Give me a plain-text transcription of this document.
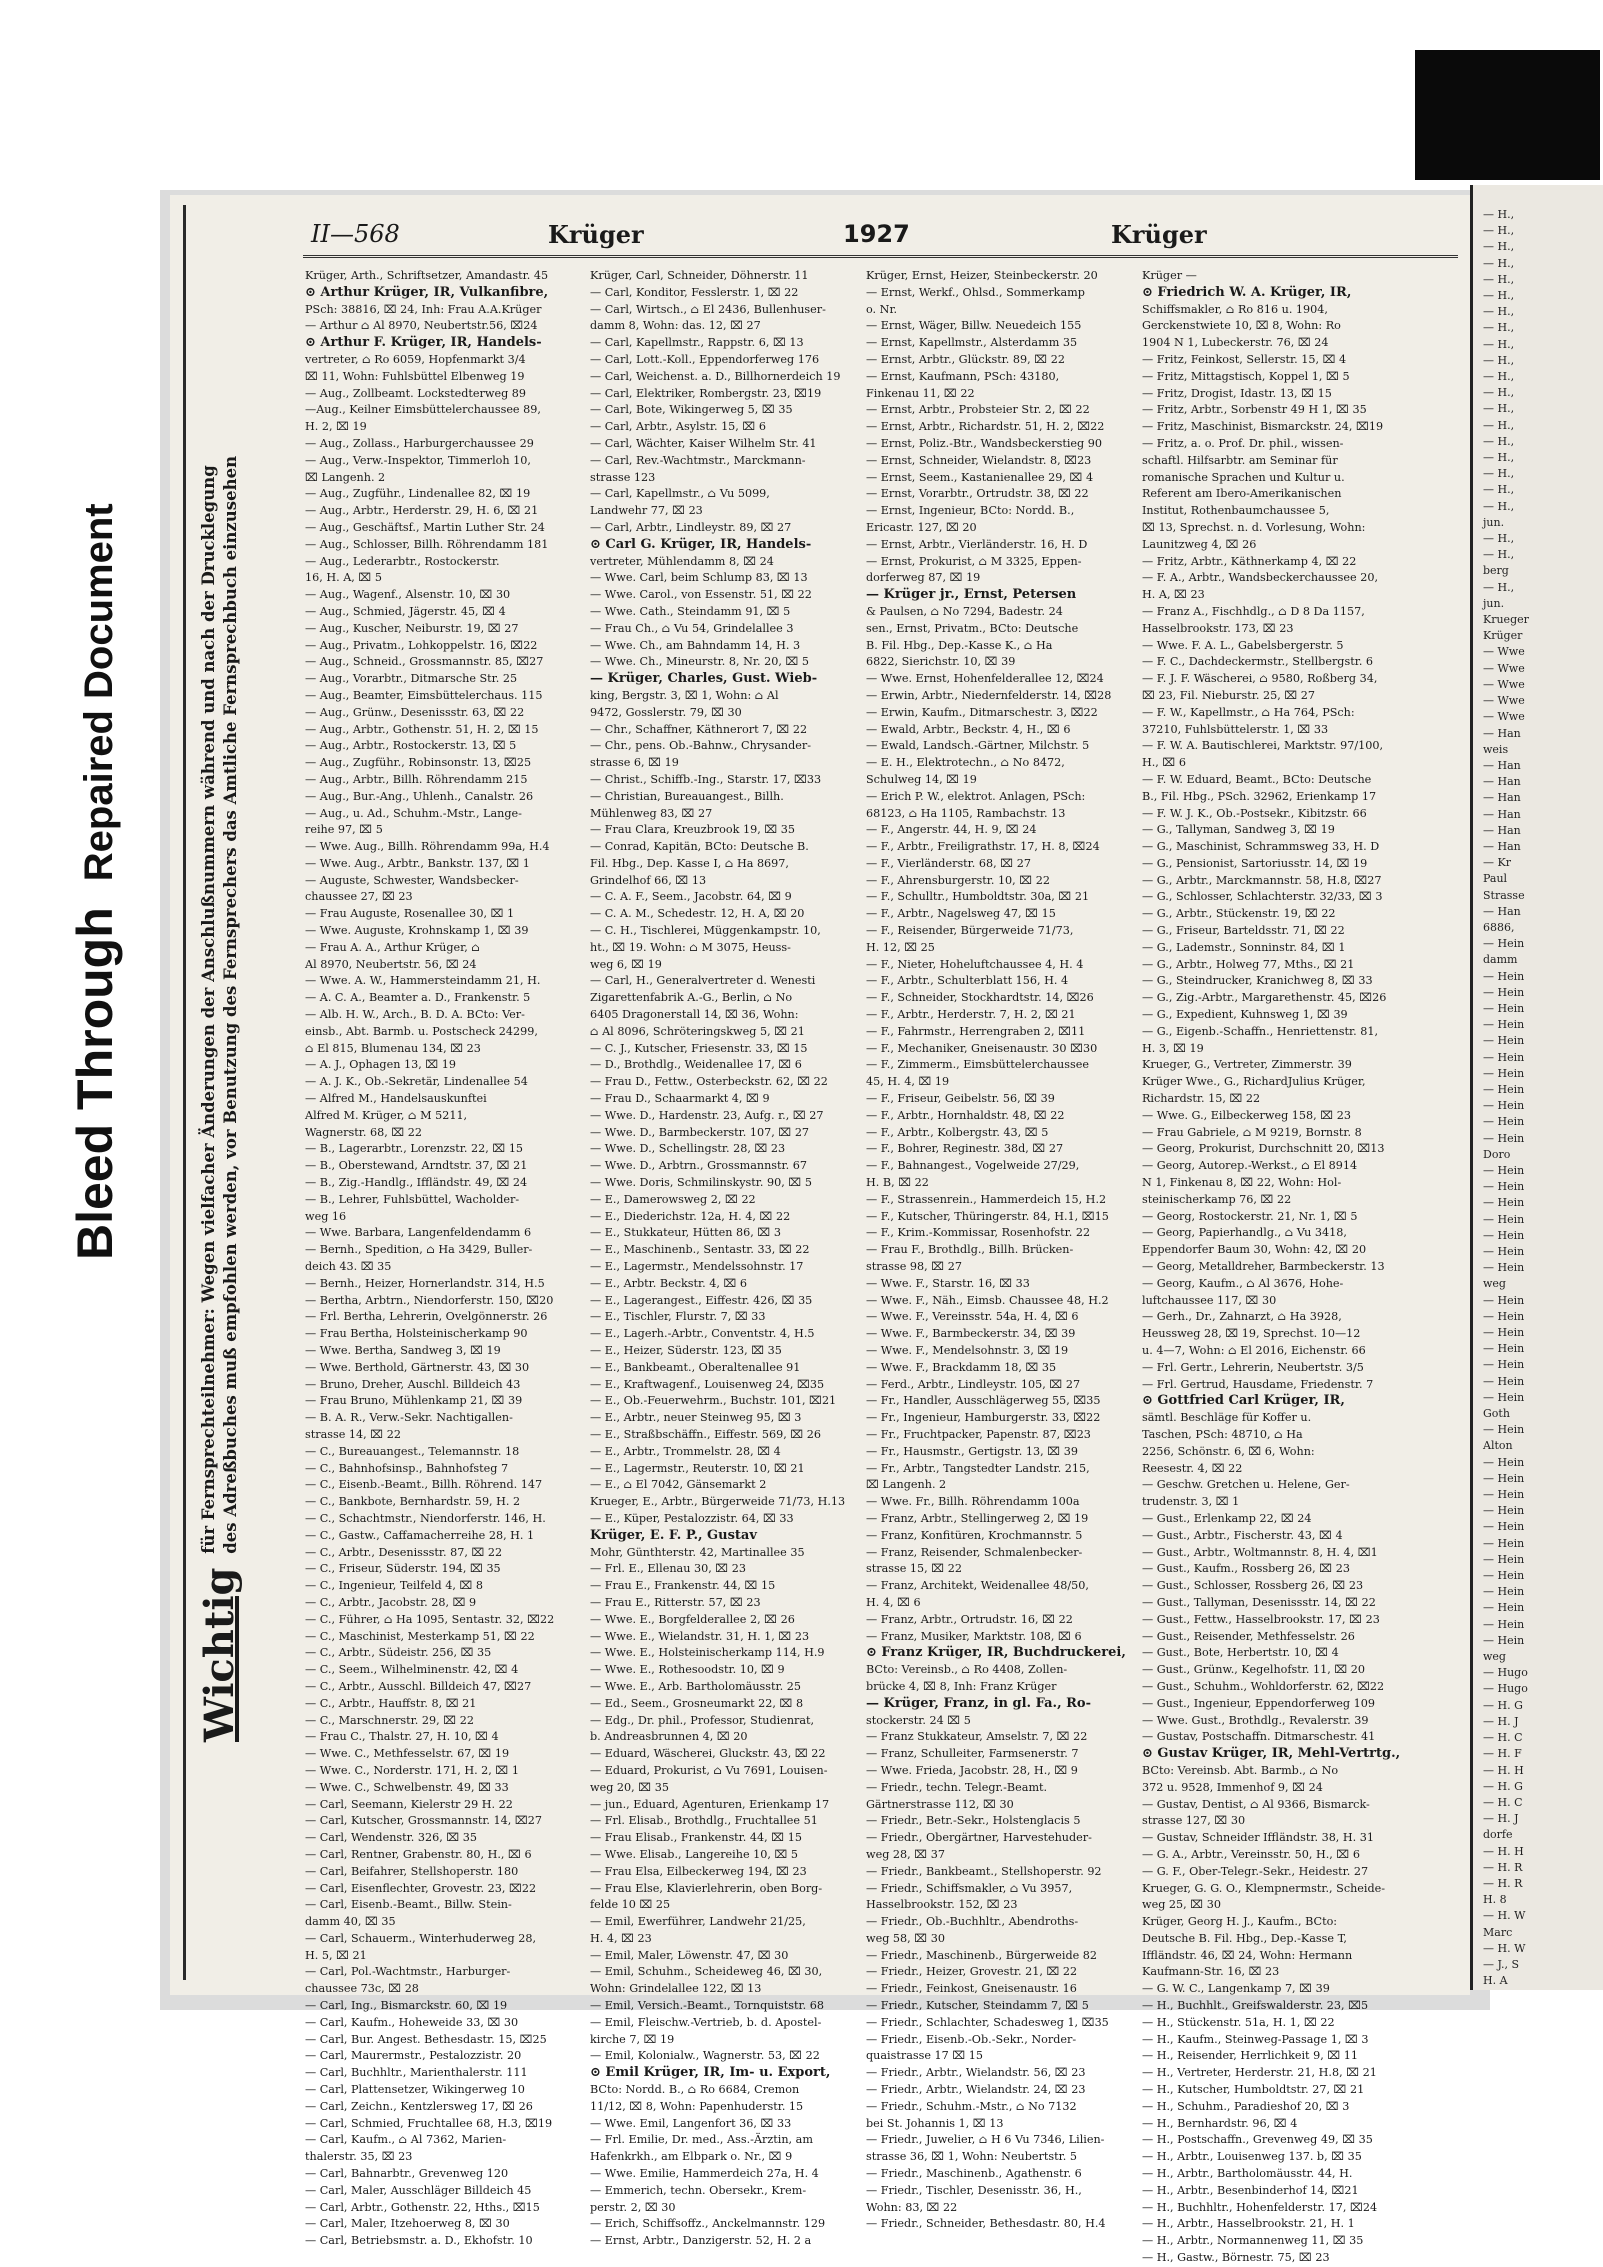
Bleed ThroughRepaired Document
— H.,
— H.,
— H.,
— H.,
— H.,
— H.,
— H.,
— H.,
— H.,
— H.,
— H.,
— H.,
— H.,
— H.,
— H.,
— H.,
— H.,
— H.,
— H.,
jun.
— H.,
— H.,
berg
— H.,
jun.
Krueger
Krüger
— Wwe
— Wwe
— Wwe
— Wwe
— Wwe
— Han
weis
— Han
— Han
— Han
— Han
— Han
— Han
— Kr
Paul
Strasse
— Han
6886,
— Hein
damm
— Hein
— Hein
— Hein
— Hein
— Hein
— Hein
— Hein
— Hein
— Hein
— Hein
— Hein
Doro
— Hein
— Hein
— Hein
— Hein
— Hein
— Hein
— Hein
weg
— Hein
— Hein
— Hein
— Hein
— Hein
— Hein
— Hein
Goth
— Hein
Alton
— Hein
— Hein
— Hein
— Hein
— Hein
— Hein
— Hein
— Hein
— Hein
— Hein
— Hein
— Hein
weg
— Hugo
— Hugo
— H. G
— H. J
— H. C
— H. F
— H. H
— H. G
— H. C
— H. J
dorfe
— H. H
— H. R
— H. R
H. 8
— H. W
Marc
— H. W
— J., S
H. A
II—568	Krüger	1927	Krüger
Wichtig
für Fernsprechteilnehmer: Wegen vielfacher Änderungen der Anschlußnummern während und nach der Drucklegung des Adreßbuches muß empfohlen werden, vor Benutzung des Fernsprechers das Amtliche Fernsprechbuch einzusehen
Krüger, Arth., Schriftsetzer, Amandastr. 45
⊙ Arthur Krüger, IR, Vulkanfibre,
PSch: 38816, ⌧ 24, Inh: Frau A.A.Krüger
— Arthur ⌂ Al 8970, Neubertstr.56, ⌧24
⊙ Arthur F. Krüger, IR, Handels-
vertreter, ⌂ Ro 6059, Hopfenmarkt 3/4
⌧ 11, Wohn: Fuhlsbüttel Elbenweg 19
— Aug., Zollbeamt. Lockstedterweg 89
—Aug., Keilner Eimsbüttelerchaussee 89,
H. 2, ⌧ 19
— Aug., Zollass., Harburgerchaussee 29
— Aug., Verw.-Inspektor, Timmerloh 10,
⌧ Langenh. 2
— Aug., Zugführ., Lindenallee 82, ⌧ 19
— Aug., Arbtr., Herderstr. 29, H. 6, ⌧ 21
— Aug., Geschäftsf., Martin Luther Str. 24
— Aug., Schlosser, Billh. Röhrendamm 181
— Aug., Lederarbtr., Rostockerstr.
16, H. A, ⌧ 5
— Aug., Wagenf., Alsenstr. 10, ⌧ 30
— Aug., Schmied, Jägerstr. 45, ⌧ 4
— Aug., Kuscher, Neiburstr. 19, ⌧ 27
— Aug., Privatm., Lohkoppelstr. 16, ⌧22
— Aug., Schneid., Grossmannstr. 85, ⌧27
— Aug., Vorarbtr., Ditmarsche Str. 25
— Aug., Beamter, Eimsbüttelerchaus. 115
— Aug., Grünw., Desenissstr. 63, ⌧ 22
— Aug., Arbtr., Gothenstr. 51, H. 2, ⌧ 15
— Aug., Arbtr., Rostockerstr. 13, ⌧ 5
— Aug., Zugführ., Robinsonstr. 13, ⌧25
— Aug., Arbtr., Billh. Röhrendamm 215
— Aug., Bur.-Ang., Uhlenh., Canalstr. 26
— Aug., u. Ad., Schuhm.-Mstr., Lange-
reihe 97, ⌧ 5
— Wwe. Aug., Billh. Röhrendamm 99a, H.4
— Wwe. Aug., Arbtr., Bankstr. 137, ⌧ 1
— Auguste, Schwester, Wandsbecker-
chaussee 27, ⌧ 23
— Frau Auguste, Rosenallee 30, ⌧ 1
— Wwe. Auguste, Krohnskamp 1, ⌧ 39
— Frau A. A., Arthur Krüger, ⌂
Al 8970, Neubertstr. 56, ⌧ 24
— Wwe. A. W., Hammersteindamm 21, H.
— A. C. A., Beamter a. D., Frankenstr. 5
— Alb. H. W., Arch., B. D. A. BCto: Ver-
einsb., Abt. Barmb. u. Postscheck 24299,
⌂ El 815, Blumenau 134, ⌧ 23
— A. J., Ophagen 13, ⌧ 19
— A. J. K., Ob.-Sekretär, Lindenallee 54
— Alfred M., Handelsauskunftei
Alfred M. Krüger, ⌂ M 5211,
Wagnerstr. 68, ⌧ 22
— B., Lagerarbtr., Lorenzstr. 22, ⌧ 15
— B., Oberstewand, Arndtstr. 37, ⌧ 21
— B., Zig.-Handlg., Iffländstr. 49, ⌧ 24
— B., Lehrer, Fuhlsbüttel, Wacholder-
weg 16
— Wwe. Barbara, Langenfeldendamm 6
— Bernh., Spedition, ⌂ Ha 3429, Buller-
deich 43. ⌧ 35
— Bernh., Heizer, Hornerlandstr. 314, H.5
— Bertha, Arbtrn., Niendorferstr. 150, ⌧20
— Frl. Bertha, Lehrerin, Ovelgönnerstr. 26
— Frau Bertha, Holsteinischerkamp 90
— Wwe. Bertha, Sandweg 3, ⌧ 19
— Wwe. Berthold, Gärtnerstr. 43, ⌧ 30
— Bruno, Dreher, Auschl. Billdeich 43
— Frau Bruno, Mühlenkamp 21, ⌧ 39
— B. A. R., Verw.-Sekr. Nachtigallen-
strasse 14, ⌧ 22
— C., Bureauangest., Telemannstr. 18
— C., Bahnhofsinsp., Bahnhofsteg 7
— C., Eisenb.-Beamt., Billh. Röhrend. 147
— C., Bankbote, Bernhardstr. 59, H. 2
— C., Schachtmstr., Niendorferstr. 146, H.
— C., Gastw., Caffamacherreihe 28, H. 1
— C., Arbtr., Desenissstr. 87, ⌧ 22
— C., Friseur, Süderstr. 194, ⌧ 35
— C., Ingenieur, Teilfeld 4, ⌧ 8
— C., Arbtr., Jacobstr. 28, ⌧ 9
— C., Führer, ⌂ Ha 1095, Sentastr. 32, ⌧22
— C., Maschinist, Mesterkamp 51, ⌧ 22
— C., Arbtr., Südeistr. 256, ⌧ 35
— C., Seem., Wilhelminenstr. 42, ⌧ 4
— C., Arbtr., Ausschl. Billdeich 47, ⌧27
— C., Arbtr., Hauffstr. 8, ⌧ 21
— C., Marschnerstr. 29, ⌧ 22
— Frau C., Thalstr. 27, H. 10, ⌧ 4
— Wwe. C., Methfesselstr. 67, ⌧ 19
— Wwe. C., Norderstr. 171, H. 2, ⌧ 1
— Wwe. C., Schwelbenstr. 49, ⌧ 33
— Carl, Seemann, Kielerstr 29 H. 22
— Carl, Kutscher, Grossmannstr. 14, ⌧27
— Carl, Wendenstr. 326, ⌧ 35
— Carl, Rentner, Grabenstr. 80, H., ⌧ 6
— Carl, Beifahrer, Stellshoperstr. 180
— Carl, Eisenflechter, Grovestr. 23, ⌧22
— Carl, Eisenb.-Beamt., Billw. Stein-
damm 40, ⌧ 35
— Carl, Schauerm., Winterhuderweg 28,
H. 5, ⌧ 21
— Carl, Pol.-Wachtmstr., Harburger-
chaussee 73c, ⌧ 28
— Carl, Ing., Bismarckstr. 60, ⌧ 19
— Carl, Kaufm., Hoheweide 33, ⌧ 30
— Carl, Bur. Angest. Bethesdastr. 15, ⌧25
— Carl, Maurermstr., Pestalozzistr. 20
— Carl, Buchhltr., Marienthalerstr. 111
— Carl, Plattensetzer, Wikingerweg 10
— Carl, Zeichn., Kentzlersweg 17, ⌧ 26
— Carl, Schmied, Fruchtallee 68, H.3, ⌧19
— Carl, Kaufm., ⌂ Al 7362, Marien-
thalerstr. 35, ⌧ 23
— Carl, Bahnarbtr., Grevenweg 120
— Carl, Maler, Ausschläger Billdeich 45
— Carl, Arbtr., Gothenstr. 22, Hths., ⌧15
— Carl, Maler, Itzehoerweg 8, ⌧ 30
— Carl, Betriebsmstr. a. D., Ekhofstr. 10
Krüger, Carl, Schneider, Döhnerstr. 11
— Carl, Konditor, Fesslerstr. 1, ⌧ 22
— Carl, Wirtsch., ⌂ El 2436, Bullenhuser-
damm 8, Wohn: das. 12, ⌧ 27
— Carl, Kapellmstr., Rappstr. 6, ⌧ 13
— Carl, Lott.-Koll., Eppendorferweg 176
— Carl, Weichenst. a. D., Billhornerdeich 19
— Carl, Elektriker, Rombergstr. 23, ⌧19
— Carl, Bote, Wikingerweg 5, ⌧ 35
— Carl, Arbtr., Asylstr. 15, ⌧ 6
— Carl, Wächter, Kaiser Wilhelm Str. 41
— Carl, Rev.-Wachtmstr., Marckmann-
strasse 123
— Carl, Kapellmstr., ⌂ Vu 5099,
Landwehr 77, ⌧ 23
— Carl, Arbtr., Lindleystr. 89, ⌧ 27
⊙ Carl G. Krüger, IR, Handels-
vertreter, Mühlendamm 8, ⌧ 24
— Wwe. Carl, beim Schlump 83, ⌧ 13
— Wwe. Carol., von Essenstr. 51, ⌧ 22
— Wwe. Cath., Steindamm 91, ⌧ 5
— Frau Ch., ⌂ Vu 54, Grindelallee 3
— Wwe. Ch., am Bahndamm 14, H. 3
— Wwe. Ch., Mineurstr. 8, Nr. 20, ⌧ 5
— Krüger, Charles, Gust. Wieb-
king, Bergstr. 3, ⌧ 1, Wohn: ⌂ Al
9472, Gosslerstr. 79, ⌧ 30
— Chr., Schaffner, Käthnerort 7, ⌧ 22
— Chr., pens. Ob.-Bahnw., Chrysander-
strasse 6, ⌧ 19
— Christ., Schiffb.-Ing., Starstr. 17, ⌧33
— Christian, Bureauangest., Billh.
Mühlenweg 83, ⌧ 27
— Frau Clara, Kreuzbrook 19, ⌧ 35
— Conrad, Kapitän, BCto: Deutsche B.
Fil. Hbg., Dep. Kasse I, ⌂ Ha 8697,
Grindelhof 66, ⌧ 13
— C. A. F., Seem., Jacobstr. 64, ⌧ 9
— C. A. M., Schedestr. 12, H. A, ⌧ 20
— C. H., Tischlerei, Müggenkampstr. 10,
ht., ⌧ 19. Wohn: ⌂ M 3075, Heuss-
weg 6, ⌧ 19
— Carl, H., Generalvertreter d. Wenesti
Zigarettenfabrik A.-G., Berlin, ⌂ No
6405 Dragonerstall 14, ⌧ 36, Wohn:
⌂ Al 8096, Schröteringskweg 5, ⌧ 21
— C. J., Kutscher, Friesenstr. 33, ⌧ 15
— D., Brothdlg., Weidenallee 17, ⌧ 6
— Frau D., Fettw., Osterbeckstr. 62, ⌧ 22
— Frau D., Schaarmarkt 4, ⌧ 9
— Wwe. D., Hardenstr. 23, Aufg. r., ⌧ 27
— Wwe. D., Barmbeckerstr. 107, ⌧ 27
— Wwe. D., Schellingstr. 28, ⌧ 23
— Wwe. D., Arbtrn., Grossmannstr. 67
— Wwe. Doris, Schmilinskystr. 90, ⌧ 5
— E., Damerowsweg 2, ⌧ 22
— E., Diederichstr. 12a, H. 4, ⌧ 22
— E., Stukkateur, Hütten 86, ⌧ 3
— E., Maschinenb., Sentastr. 33, ⌧ 22
— E., Lagermstr., Mendelssohnstr. 17
— E., Arbtr. Beckstr. 4, ⌧ 6
— E., Lagerangest., Eiffestr. 426, ⌧ 35
— E., Tischler, Flurstr. 7, ⌧ 33
— E., Lagerh.-Arbtr., Conventstr. 4, H.5
— E., Heizer, Süderstr. 123, ⌧ 35
— E., Bankbeamt., Oberaltenallee 91
— E., Kraftwagenf., Louisenweg 24, ⌧35
— E., Ob.-Feuerwehrm., Buchstr. 101, ⌧21
— E., Arbtr., neuer Steinweg 95, ⌧ 3
— E., Straßbschäffn., Eiffestr. 569, ⌧ 26
— E., Arbtr., Trommelstr. 28, ⌧ 4
— E., Lagermstr., Reuterstr. 10, ⌧ 21
— E., ⌂ El 7042, Gänsemarkt 2
Krueger, E., Arbtr., Bürgerweide 71/73, H.13
— E., Küper, Pestalozzistr. 64, ⌧ 33
Krüger, E. F. P., Gustav
Mohr, Günthterstr. 42, Martinallee 35
— Frl. E., Ellenau 30, ⌧ 23
— Frau E., Frankenstr. 44, ⌧ 15
— Frau E., Ritterstr. 57, ⌧ 23
— Wwe. E., Borgfelderallee 2, ⌧ 26
— Wwe. E., Wielandstr. 31, H. 1, ⌧ 23
— Wwe. E., Holsteinischerkamp 114, H.9
— Wwe. E., Rothesoodstr. 10, ⌧ 9
— Wwe. E., Arb. Bartholomäusstr. 25
— Ed., Seem., Grosneumarkt 22, ⌧ 8
— Edg., Dr. phil., Professor, Studienrat,
b. Andreasbrunnen 4, ⌧ 20
— Eduard, Wäscherei, Gluckstr. 43, ⌧ 22
— Eduard, Prokurist, ⌂ Vu 7691, Louisen-
weg 20, ⌧ 35
— jun., Eduard, Agenturen, Erienkamp 17
— Frl. Elisab., Brothdlg., Fruchtallee 51
— Frau Elisab., Frankenstr. 44, ⌧ 15
— Wwe. Elisab., Langereihe 10, ⌧ 5
— Frau Elsa, Eilbeckerweg 194, ⌧ 23
— Frau Else, Klavierlehrerin, oben Borg-
felde 10 ⌧ 25
— Emil, Ewerführer, Landwehr 21/25,
H. 4, ⌧ 23
— Emil, Maler, Löwenstr. 47, ⌧ 30
— Emil, Schuhm., Scheideweg 46, ⌧ 30,
Wohn: Grindelallee 122, ⌧ 13
— Emil, Versich.-Beamt., Tornquiststr. 68
— Emil, Fleischw.-Vertrieb, b. d. Apostel-
kirche 7, ⌧ 19
— Emil, Kolonialw., Wagnerstr. 53, ⌧ 22
⊙ Emil Krüger, IR, Im- u. Export,
BCto: Nordd. B., ⌂ Ro 6684, Cremon
11/12, ⌧ 8, Wohn: Papenhuderstr. 15
— Wwe. Emil, Langenfort 36, ⌧ 33
— Frl. Emilie, Dr. med., Ass.-Ärztin, am
Hafenkrkh., am Elbpark o. Nr., ⌧ 9
— Wwe. Emilie, Hammerdeich 27a, H. 4
— Emmerich, techn. Obersekr., Krem-
perstr. 2, ⌧ 30
— Erich, Schiffsoffz., Anckelmannstr. 129
— Ernst, Arbtr., Danzigerstr. 52, H. 2 a
Krüger, Ernst, Heizer, Steinbeckerstr. 20
— Ernst, Werkf., Ohlsd., Sommerkamp
o. Nr.
— Ernst, Wäger, Billw. Neuedeich 155
— Ernst, Kapellmstr., Alsterdamm 35
— Ernst, Arbtr., Glückstr. 89, ⌧ 22
— Ernst, Kaufmann, PSch: 43180,
Finkenau 11, ⌧ 22
— Ernst, Arbtr., Probsteier Str. 2, ⌧ 22
— Ernst, Arbtr., Richardstr. 51, H. 2, ⌧22
— Ernst, Poliz.-Btr., Wandsbeckerstieg 90
— Ernst, Schneider, Wielandstr. 8, ⌧23
— Ernst, Seem., Kastanienallee 29, ⌧ 4
— Ernst, Vorarbtr., Ortrudstr. 38, ⌧ 22
— Ernst, Ingenieur, BCto: Nordd. B.,
Ericastr. 127, ⌧ 20
— Ernst, Arbtr., Vierländerstr. 16, H. D
— Ernst, Prokurist, ⌂ M 3325, Eppen-
dorferweg 87, ⌧ 19
— Krüger jr., Ernst, Petersen
& Paulsen, ⌂ No 7294, Badestr. 24
sen., Ernst, Privatm., BCto: Deutsche
B. Fil. Hbg., Dep.-Kasse K., ⌂ Ha
6822, Sierichstr. 10, ⌧ 39
— Wwe. Ernst, Hohenfelderallee 12, ⌧24
— Erwin, Arbtr., Niedernfelderstr. 14, ⌧28
— Erwin, Kaufm., Ditmarschestr. 3, ⌧22
— Ewald, Arbtr., Beckstr. 4, H., ⌧ 6
— Ewald, Landsch.-Gärtner, Milchstr. 5
— E. H., Elektrotechn., ⌂ No 8472,
Schulweg 14, ⌧ 19
— Erich P. W., elektrot. Anlagen, PSch:
68123, ⌂ Ha 1105, Rambachstr. 13
— F., Angerstr. 44, H. 9, ⌧ 24
— F., Arbtr., Freiligrathstr. 17, H. 8, ⌧24
— F., Vierländerstr. 68, ⌧ 27
— F., Ahrensburgerstr. 10, ⌧ 22
— F., Schulltr., Humboldtstr. 30a, ⌧ 21
— F., Arbtr., Nagelsweg 47, ⌧ 15
— F., Reisender, Bürgerweide 71/73,
H. 12, ⌧ 25
— F., Nieter, Hoheluftchaussee 4, H. 4
— F., Arbtr., Schulterblatt 156, H. 4
— F., Schneider, Stockhardtstr. 14, ⌧26
— F., Arbtr., Herderstr. 7, H. 2, ⌧ 21
— F., Fahrmstr., Herrengraben 2, ⌧11
— F., Mechaniker, Gneisenaustr. 30 ⌧30
— F., Zimmerm., Eimsbüttelerchaussee
45, H. 4, ⌧ 19
— F., Friseur, Geibelstr. 56, ⌧ 39
— F., Arbtr., Hornhaldstr. 48, ⌧ 22
— F., Arbtr., Kolbergstr. 43, ⌧ 5
— F., Bohrer, Reginestr. 38d, ⌧ 27
— F., Bahnangest., Vogelweide 27/29,
H. B, ⌧ 22
— F., Strassenrein., Hammerdeich 15, H.2
— F., Kutscher, Thüringerstr. 84, H.1, ⌧15
— F., Krim.-Kommissar, Rosenhofstr. 22
— Frau F., Brothdlg., Billh. Brücken-
strasse 98, ⌧ 27
— Wwe. F., Starstr. 16, ⌧ 33
— Wwe. F., Näh., Eimsb. Chaussee 48, H.2
— Wwe. F., Vereinsstr. 54a, H. 4, ⌧ 6
— Wwe. F., Barmbeckerstr. 34, ⌧ 39
— Wwe. F., Mendelsohnstr. 3, ⌧ 19
— Wwe. F., Brackdamm 18, ⌧ 35
— Ferd., Arbtr., Lindleystr. 105, ⌧ 27
— Fr., Handler, Ausschlägerweg 55, ⌧35
— Fr., Ingenieur, Hamburgerstr. 33, ⌧22
— Fr., Fruchtpacker, Papenstr. 87, ⌧23
— Fr., Hausmstr., Gertigstr. 13, ⌧ 39
— Fr., Arbtr., Tangstedter Landstr. 215,
⌧ Langenh. 2
— Wwe. Fr., Billh. Röhrendamm 100a
— Franz, Arbtr., Stellingerweg 2, ⌧ 19
— Franz, Konfitüren, Krochmannstr. 5
— Franz, Reisender, Schmalenbecker-
strasse 15, ⌧ 22
— Franz, Architekt, Weidenallee 48/50,
H. 4, ⌧ 6
— Franz, Arbtr., Ortrudstr. 16, ⌧ 22
— Franz, Musiker, Marktstr. 108, ⌧ 6
⊙ Franz Krüger, IR, Buchdruckerei,
BCto: Vereinsb., ⌂ Ro 4408, Zollen-
brücke 4, ⌧ 8, Inh: Franz Krüger
— Krüger, Franz, in gl. Fa., Ro-
stockerstr. 24 ⌧ 5
— Franz Stukkateur, Amselstr. 7, ⌧ 22
— Franz, Schulleiter, Farmsenerstr. 7
— Wwe. Frieda, Jacobstr. 28, H., ⌧ 9
— Friedr., techn. Telegr.-Beamt.
Gärtnerstrasse 112, ⌧ 30
— Friedr., Betr.-Sekr., Holstenglacis 5
— Friedr., Obergärtner, Harvestehuder-
weg 28, ⌧ 37
— Friedr., Bankbeamt., Stellshoperstr. 92
— Friedr., Schiffsmakler, ⌂ Vu 3957,
Hasselbrookstr. 152, ⌧ 23
— Friedr., Ob.-Buchhltr., Abendroths-
weg 58, ⌧ 30
— Friedr., Maschinenb., Bürgerweide 82
— Friedr., Heizer, Grovestr. 21, ⌧ 22
— Friedr., Feinkost, Gneisenaustr. 16
— Friedr., Kutscher, Steindamm 7, ⌧ 5
— Friedr., Schlachter, Schadesweg 1, ⌧35
— Friedr., Eisenb.-Ob.-Sekr., Norder-
quaistrasse 17 ⌧ 15
— Friedr., Arbtr., Wielandstr. 56, ⌧ 23
— Friedr., Arbtr., Wielandstr. 24, ⌧ 23
— Friedr., Schuhm.-Mstr., ⌂ No 7132
bei St. Johannis 1, ⌧ 13
— Friedr., Juwelier, ⌂ H 6 Vu 7346, Lilien-
strasse 36, ⌧ 1, Wohn: Neubertstr. 5
— Friedr., Maschinenb., Agathenstr. 6
— Friedr., Tischler, Desenisstr. 36, H.,
Wohn: 83, ⌧ 22
— Friedr., Schneider, Bethesdastr. 80, H.4
Krüger —
⊙ Friedrich W. A. Krüger, IR,
Schiffsmakler, ⌂ Ro 816 u. 1904,
Gerckenstwiete 10, ⌧ 8, Wohn: Ro
1904 N 1, Lubeckerstr. 76, ⌧ 24
— Fritz, Feinkost, Sellerstr. 15, ⌧ 4
— Fritz, Mittagstisch, Koppel 1, ⌧ 5
— Fritz, Drogist, Idastr. 13, ⌧ 15
— Fritz, Arbtr., Sorbenstr 49 H 1, ⌧ 35
— Fritz, Maschinist, Bismarckstr. 24, ⌧19
— Fritz, a. o. Prof. Dr. phil., wissen-
schaftl. Hilfsarbtr. am Seminar für
romanische Sprachen und Kultur u.
Referent am Ibero-Amerikanischen
Institut, Rothenbaumchaussee 5,
⌧ 13, Sprechst. n. d. Vorlesung, Wohn:
Launitzweg 4, ⌧ 26
— Fritz, Arbtr., Käthnerkamp 4, ⌧ 22
— F. A., Arbtr., Wandsbeckerchaussee 20,
H. A, ⌧ 23
— Franz A., Fischhdlg., ⌂ D 8 Da 1157,
Hasselbrookstr. 173, ⌧ 23
— Wwe. F. A. L., Gabelsbergerstr. 5
— F. C., Dachdeckermstr., Stellbergstr. 6
— F. J. F. Wäscherei, ⌂ 9580, Roßberg 34,
⌧ 23, Fil. Nieburstr. 25, ⌧ 27
— F. W., Kapellmstr., ⌂ Ha 764, PSch:
37210, Fuhlsbüttelerstr. 1, ⌧ 33
— F. W. A. Bautischlerei, Marktstr. 97/100,
H., ⌧ 6
— F. W. Eduard, Beamt., BCto: Deutsche
B., Fil. Hbg., PSch. 32962, Erienkamp 17
— F. W. J. K., Ob.-Postsekr., Kibitzstr. 66
— G., Tallyman, Sandweg 3, ⌧ 19
— G., Maschinist, Schrammsweg 33, H. D
— G., Pensionist, Sartoriusstr. 14, ⌧ 19
— G., Arbtr., Marckmannstr. 58, H.8, ⌧27
— G., Schlosser, Schlachterstr. 32/33, ⌧ 3
— G., Arbtr., Stückenstr. 19, ⌧ 22
— G., Friseur, Barteldsstr. 71, ⌧ 22
— G., Lademstr., Sonninstr. 84, ⌧ 1
— G., Arbtr., Holweg 77, Mths., ⌧ 21
— G., Steindrucker, Kranichweg 8, ⌧ 33
— G., Zig.-Arbtr., Margarethenstr. 45, ⌧26
— G., Expedient, Kuhnsweg 1, ⌧ 39
— G., Eigenb.-Schaffn., Henriettenstr. 81,
H. 3, ⌧ 19
Krueger, G., Vertreter, Zimmerstr. 39
Krüger Wwe., G., RichardJulius Krüger,
Richardstr. 15, ⌧ 22
— Wwe. G., Eilbeckerweg 158, ⌧ 23
— Frau Gabriele, ⌂ M 9219, Bornstr. 8
— Georg, Prokurist, Durchschnitt 20, ⌧13
— Georg, Autorep.-Werkst., ⌂ El 8914
N 1, Finkenau 8, ⌧ 22, Wohn: Hol-
steinischerkamp 76, ⌧ 22
— Georg, Rostockerstr. 21, Nr. 1, ⌧ 5
— Georg, Papierhandlg., ⌂ Vu 3418,
Eppendorfer Baum 30, Wohn: 42, ⌧ 20
— Georg, Metalldreher, Barmbeckerstr. 13
— Georg, Kaufm., ⌂ Al 3676, Hohe-
luftchaussee 117, ⌧ 30
— Gerh., Dr., Zahnarzt, ⌂ Ha 3928,
Heussweg 28, ⌧ 19, Sprechst. 10—12
u. 4—7, Wohn: ⌂ El 2016, Eichenstr. 66
— Frl. Gertr., Lehrerin, Neubertstr. 3/5
— Frl. Gertrud, Hausdame, Friedenstr. 7
⊙ Gottfried Carl Krüger, IR,
sämtl. Beschläge für Koffer u.
Taschen, PSch: 48710, ⌂ Ha
2256, Schönstr. 6, ⌧ 6, Wohn:
Reesestr. 4, ⌧ 22
— Geschw. Gretchen u. Helene, Ger-
trudenstr. 3, ⌧ 1
— Gust., Erlenkamp 22, ⌧ 24
— Gust., Arbtr., Fischerstr. 43, ⌧ 4
— Gust., Arbtr., Woltmannstr. 8, H. 4, ⌧1
— Gust., Kaufm., Rossberg 26, ⌧ 23
— Gust., Schlosser, Rossberg 26, ⌧ 23
— Gust., Tallyman, Desenissstr. 14, ⌧ 22
— Gust., Fettw., Hasselbrookstr. 17, ⌧ 23
— Gust., Reisender, Methfesselstr. 26
— Gust., Bote, Herbertstr. 10, ⌧ 4
— Gust., Grünw., Kegelhofstr. 11, ⌧ 20
— Gust., Schuhm., Wohldorferstr. 62, ⌧22
— Gust., Ingenieur, Eppendorferweg 109
— Wwe. Gust., Brothdlg., Revalerstr. 39
— Gustav, Postschaffn. Ditmarschestr. 41
⊙ Gustav Krüger, IR, Mehl-Vertrtg.,
BCto: Vereinsb. Abt. Barmb., ⌂ No
372 u. 9528, Immenhof 9, ⌧ 24
— Gustav, Dentist, ⌂ Al 9366, Bismarck-
strasse 127, ⌧ 30
— Gustav, Schneider Iffländstr. 38, H. 31
— G. A., Arbtr., Vereinsstr. 50, H., ⌧ 6
— G. F., Ober-Telegr.-Sekr., Heidestr. 27
Krueger, G. G. O., Klempnermstr., Scheide-
weg 25, ⌧ 30
Krüger, Georg H. J., Kaufm., BCto:
Deutsche B. Fil. Hbg., Dep.-Kasse T,
Iffländstr. 46, ⌧ 24, Wohn: Hermann
Kaufmann-Str. 16, ⌧ 23
— G. W. C., Langenkamp 7, ⌧ 39
— H., Buchhlt., Greifswalderstr. 23, ⌧5
— H., Stückenstr. 51a, H. 1, ⌧ 22
— H., Kaufm., Steinweg-Passage 1, ⌧ 3
— H., Reisender, Herrlichkeit 9, ⌧ 11
— H., Vertreter, Herderstr. 21, H.8, ⌧ 21
— H., Kutscher, Humboldtstr. 27, ⌧ 21
— H., Schuhm., Paradieshof 20, ⌧ 3
— H., Bernhardstr. 96, ⌧ 4
— H., Postschaffn., Grevenweg 49, ⌧ 35
— H., Arbtr., Louisenweg 137. b, ⌧ 35
— H., Arbtr., Bartholomäusstr. 44, H.
— H., Arbtr., Besenbinderhof 14, ⌧21
— H., Buchhltr., Hohenfelderstr. 17, ⌧24
— H., Arbtr., Hasselbrookstr. 21, H. 1
— H., Arbtr., Normannenweg 11, ⌧ 35
— H., Gastw., Börnestr. 75, ⌧ 23
